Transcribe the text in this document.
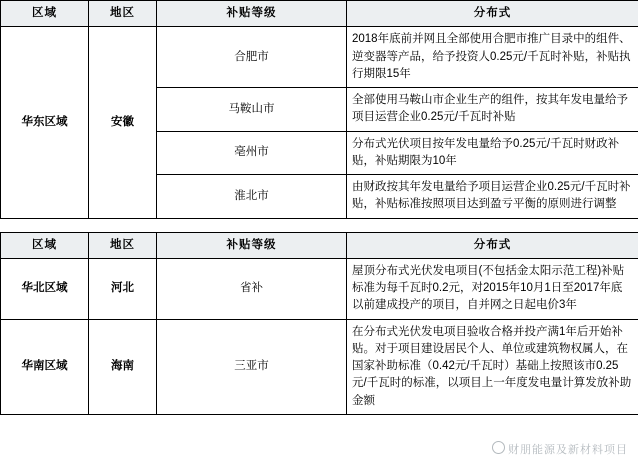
区域	地区	补贴等级	分布式
华东区域	安徽	合肥市	2018年底前并网且全部使用合肥市推广目录中的组件、逆变器等产品，给予投资人0.25元/千瓦时补贴，补贴执行期限15年
		马鞍山市	全部使用马鞍山市企业生产的组件，按其年发电量给予项目运营企业0.25元/千瓦时补贴
		亳州市	分布式光伏项目按年发电量给予0.25元/千瓦时财政补贴，补贴期限为10年
		淮北市	由财政按其年发电量给予项目运营企业0.25元/千瓦时补贴，补贴标准按照项目达到盈亏平衡的原则进行调整
区域	地区	补贴等级	分布式
华北区域	河北	省补	屋顶分布式光伏发电项目(不包括金太阳示范工程)补贴标准为每千瓦时0.2元，对2015年10月1日至2017年底以前建成投产的项目，自并网之日起电价3年
华南区域	海南	三亚市	在分布式光伏发电项目验收合格并投产满1年后开始补贴。对于项目建设居民个人、单位或建筑物权属人，在国家补助标准（0.42元/千瓦时）基础上按照该市0.25元/千瓦时的标准，以项目上一年度发电量计算发放补助金额
财朋能源及新材料项目
